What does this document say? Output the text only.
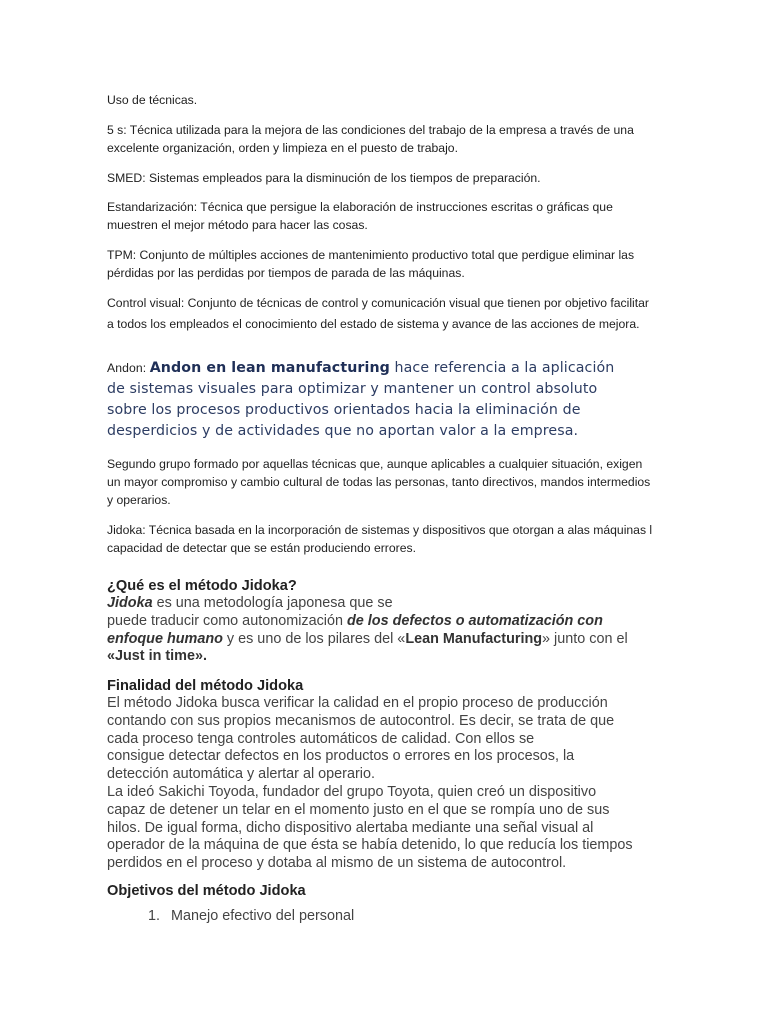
Uso de técnicas.

5 s: Técnica utilizada para la mejora de las condiciones del trabajo de la empresa a través de una excelente organización, orden y limpieza en el puesto de trabajo.

SMED: Sistemas empleados para la disminución de los tiempos de preparación.

Estandarización: Técnica que persigue la elaboración de instrucciones escritas o gráficas que muestren el mejor método para hacer las cosas.

TPM: Conjunto de múltiples acciones de mantenimiento productivo total que perdigue eliminar las pérdidas por las perdidas por tiempos de parada de las máquinas.

Control visual: Conjunto de técnicas de control y comunicación visual que tienen por objetivo facilitar a todos los empleados el conocimiento del estado de sistema y avance de las acciones de mejora.

Andon: Andon en lean manufacturing hace referencia a la aplicación de sistemas visuales para optimizar y mantener un control absoluto sobre los procesos productivos orientados hacia la eliminación de desperdicios y de actividades que no aportan valor a la empresa.

Segundo grupo formado por aquellas técnicas que, aunque aplicables a cualquier situación, exigen un mayor compromiso y cambio cultural de todas las personas, tanto directivos, mandos intermedios y operarios.

Jidoka: Técnica basada en la incorporación de sistemas y dispositivos que otorgan a alas máquinas l capacidad de detectar que se están produciendo errores.

¿Qué es el método Jidoka?
Jidoka es una metodología japonesa que se
puede traducir como autonomización de los defectos o automatización con enfoque humano y es uno de los pilares del «Lean Manufacturing» junto con el
«Just in time».
Finalidad del método Jidoka
El método Jidoka busca verificar la calidad en el propio proceso de producción
contando con sus propios mecanismos de autocontrol. Es decir, se trata de que
cada proceso tenga controles automáticos de calidad. Con ellos se
consigue detectar defectos en los productos o errores en los procesos, la
detección automática y alertar al operario.
La ideó Sakichi Toyoda, fundador del grupo Toyota, quien creó un dispositivo
capaz de detener un telar en el momento justo en el que se rompía uno de sus
hilos. De igual forma, dicho dispositivo alertaba mediante una señal visual al
operador de la máquina de que ésta se había detenido, lo que reducía los tiempos
perdidos en el proceso y dotaba al mismo de un sistema de autocontrol.
Objetivos del método Jidoka
1. Manejo efectivo del personal
